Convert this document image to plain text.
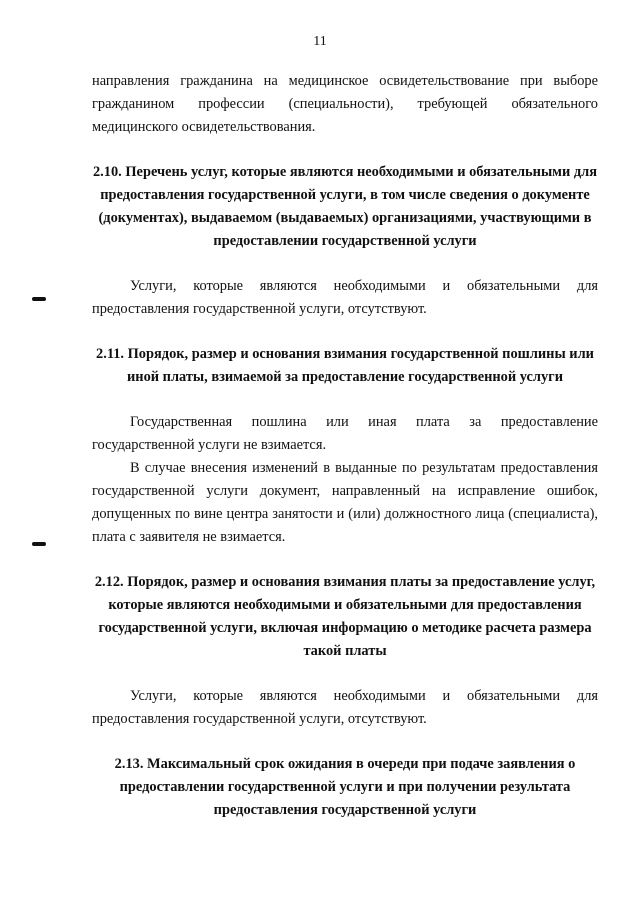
11

направления гражданина на медицинское освидетельствование при выборе гражданином профессии (специальности), требующей обязательного медицинского освидетельствования.

2.10. Перечень услуг, которые являются необходимыми и обязательными для предоставления государственной услуги, в том числе сведения о документе (документах), выдаваемом (выдаваемых) организациями, участвующими в предоставлении государственной услуги

Услуги, которые являются необходимыми и обязательными для предоставления государственной услуги, отсутствуют.

2.11. Порядок, размер и основания взимания государственной пошлины или иной платы, взимаемой за предоставление государственной услуги

Государственная пошлина или иная плата за предоставление государственной услуги не взимается.

В случае внесения изменений в выданные по результатам предоставления государственной услуги документ, направленный на исправление ошибок, допущенных по вине центра занятости и (или) должностного лица (специалиста), плата с заявителя не взимается.

2.12. Порядок, размер и основания взимания платы за предоставление услуг, которые являются необходимыми и обязательными для предоставления государственной услуги, включая информацию о методике расчета размера такой платы

Услуги, которые являются необходимыми и обязательными для предоставления государственной услуги, отсутствуют.

2.13. Максимальный срок ожидания в очереди при подаче заявления о предоставлении государственной услуги и при получении результата предоставления государственной услуги
